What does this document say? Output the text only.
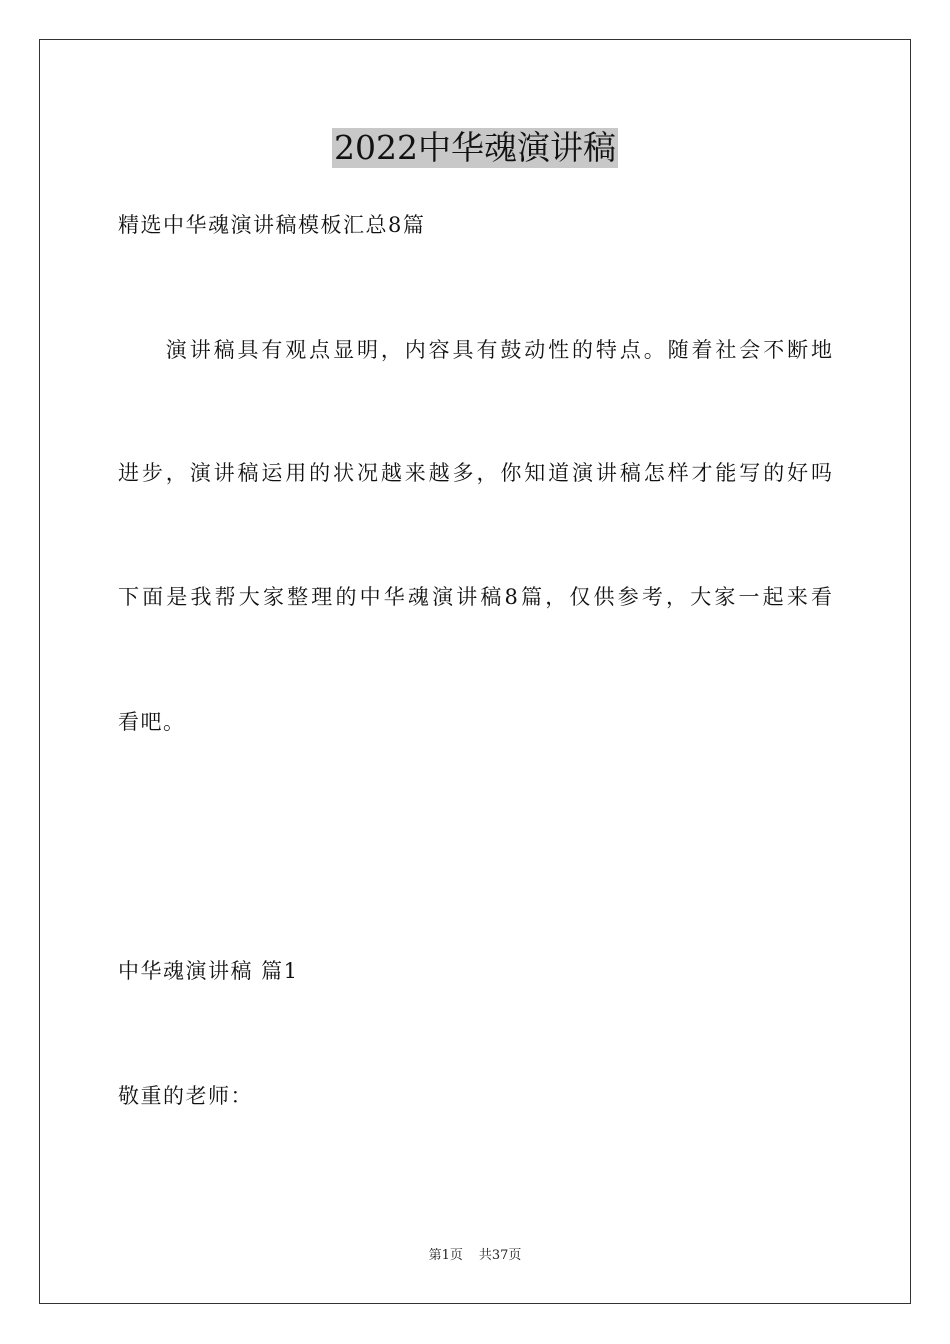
2022中华魂演讲稿
精选中华魂演讲稿模板汇总8篇
　　演讲稿具有观点显明，内容具有鼓动性的特点。随着社会不断地
进步，演讲稿运用的状况越来越多，你知道演讲稿怎样才能写的好吗
下面是我帮大家整理的中华魂演讲稿8篇，仅供参考，大家一起来看
看吧。
中华魂演讲稿 篇1
敬重的老师：
第1页 共37页
